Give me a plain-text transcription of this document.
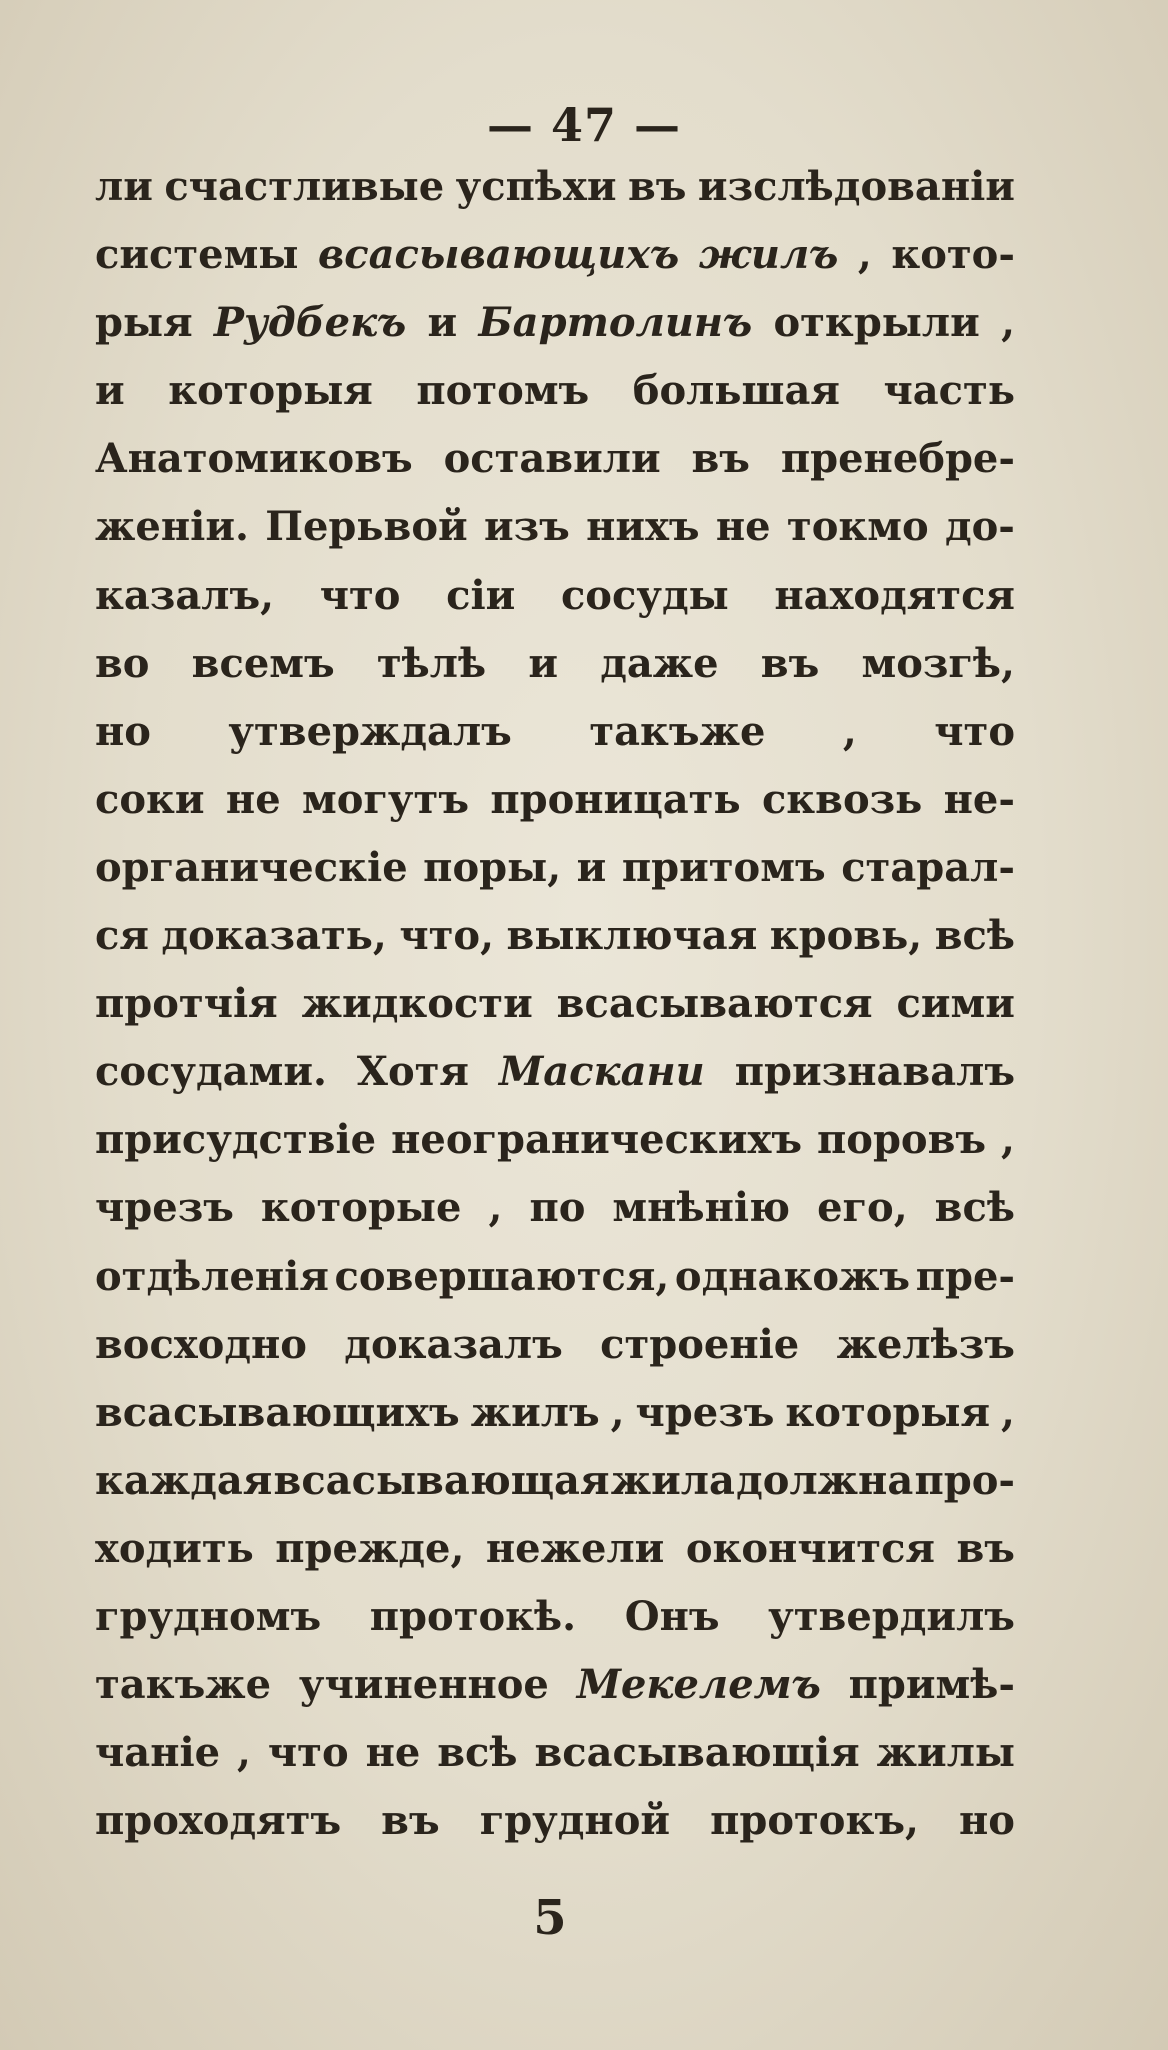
— 47 —
ли счастливые успѣхи въ изслѣдованіи
системы всасывающихъ жилъ , кото-
рыя Рудбекъ и Бартолинъ открыли ,
и которыя потомъ большая часть
Анатомиковъ оставили въ пренебре-
женіи. Перьвой изъ нихъ не токмо до-
казалъ, что сіи сосуды находятся
во всемъ тѣлѣ и даже въ мозгѣ,
но утверждалъ такъже , что
соки не могутъ проницать сквозь не-
органическіе поры, и притомъ старал-
ся доказать, что, выключая кровь, всѣ
протчія жидкости всасываются сими
сосудами. Хотя Маскани признавалъ
присудствіе неограническихъ поровъ ,
чрезъ которые , по мнѣнію его, всѣ
отдѣленія совершаются, однакожъ пре-
восходно доказалъ строеніе желѣзъ
всасывающихъ жилъ , чрезъ которыя ,
каждая всасывающая жила должна про-
ходить прежде, нежели окончится въ
грудномъ протокѣ. Онъ утвердилъ
такъже учиненное Мекелемъ примѣ-
чаніе , что не всѣ всасывающія жилы
проходятъ въ грудной протокъ, но
5
